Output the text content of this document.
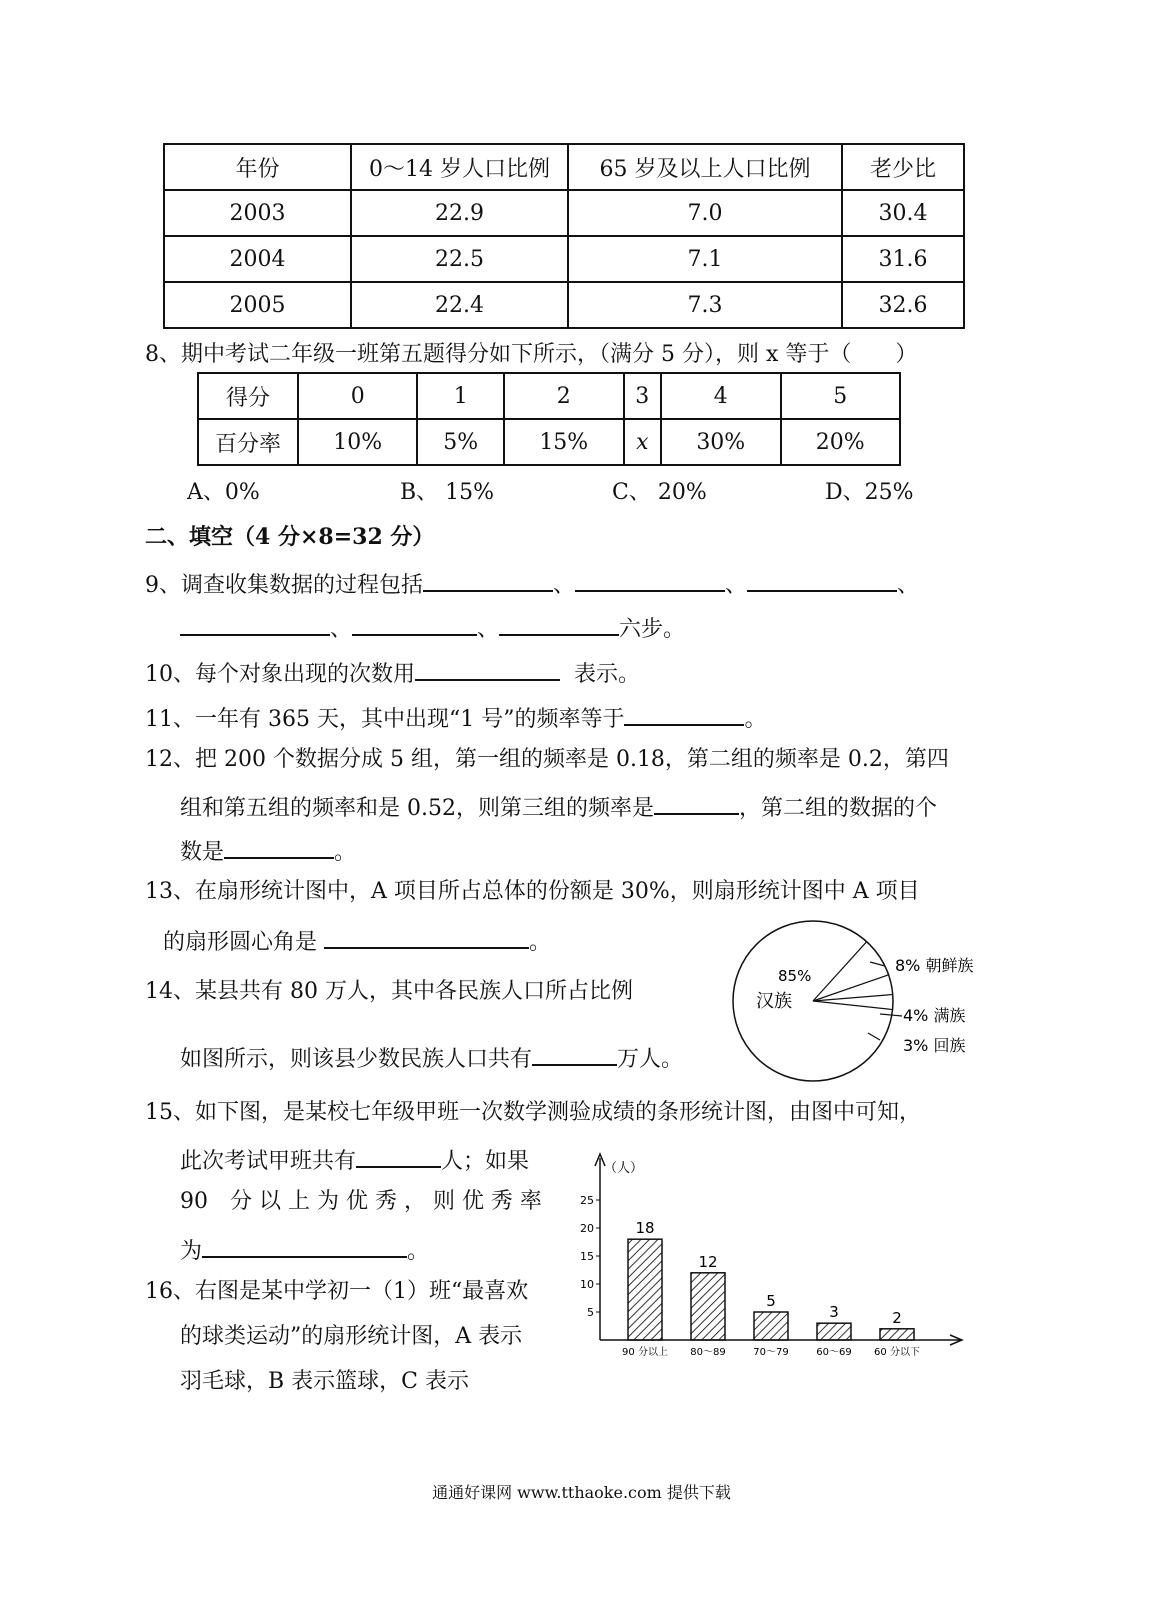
年份	0～14 岁人口比例	65 岁及以上人口比例	老少比
2003	22.9	7.0	30.4
2004	22.5	7.1	31.6
2005	22.4	7.3	32.6
8、期中考试二年级一班第五题得分如下所示，（满分 5 分），则 x 等于（　　）
得分	0	1	2	3	4	5
百分率	10%	5%	15%	x	30%	20%
A、0%	B、 15%	C、 20%	D、25%
二、填空（4 分×8=32 分）
9、调查收集数据的过程包括	、	、	、
、	、	六步。
10、每个对象出现的次数用	表示。
11、一年有 365 天，其中出现“1 号”的频率等于	。
12、把 200 个数据分成 5 组，第一组的频率是 0.18，第二组的频率是 0.2，第四
组和第五组的频率和是 0.52，则第三组的频率是	，第二组的数据的个
数是	。
13、在扇形统计图中，A 项目所占总体的份额是 30%，则扇形统计图中 A 项目
的扇形圆心角是	。
14、某县共有 80 万人，其中各民族人口所占比例
如图所示，则该县少数民族人口共有	万人。
85%
汉族
8% 朝鲜族
4% 满族
3% 回族
15、如下图，是某校七年级甲班一次数学测验成绩的条形统计图，由图中可知，
此次考试甲班共有	人；如果
90　分 以 上 为 优 秀 ， 则 优 秀 率
为	。
16、右图是某中学初一（1）班“最喜欢
的球类运动”的扇形统计图，A 表示
羽毛球，B 表示篮球，C 表示
（人）
5
10
15
20
25
18
90 分以上
12
80～89
5
70～79
3
60～69
2
60 分以下
通通好课网 www.tthaoke.com 提供下载
